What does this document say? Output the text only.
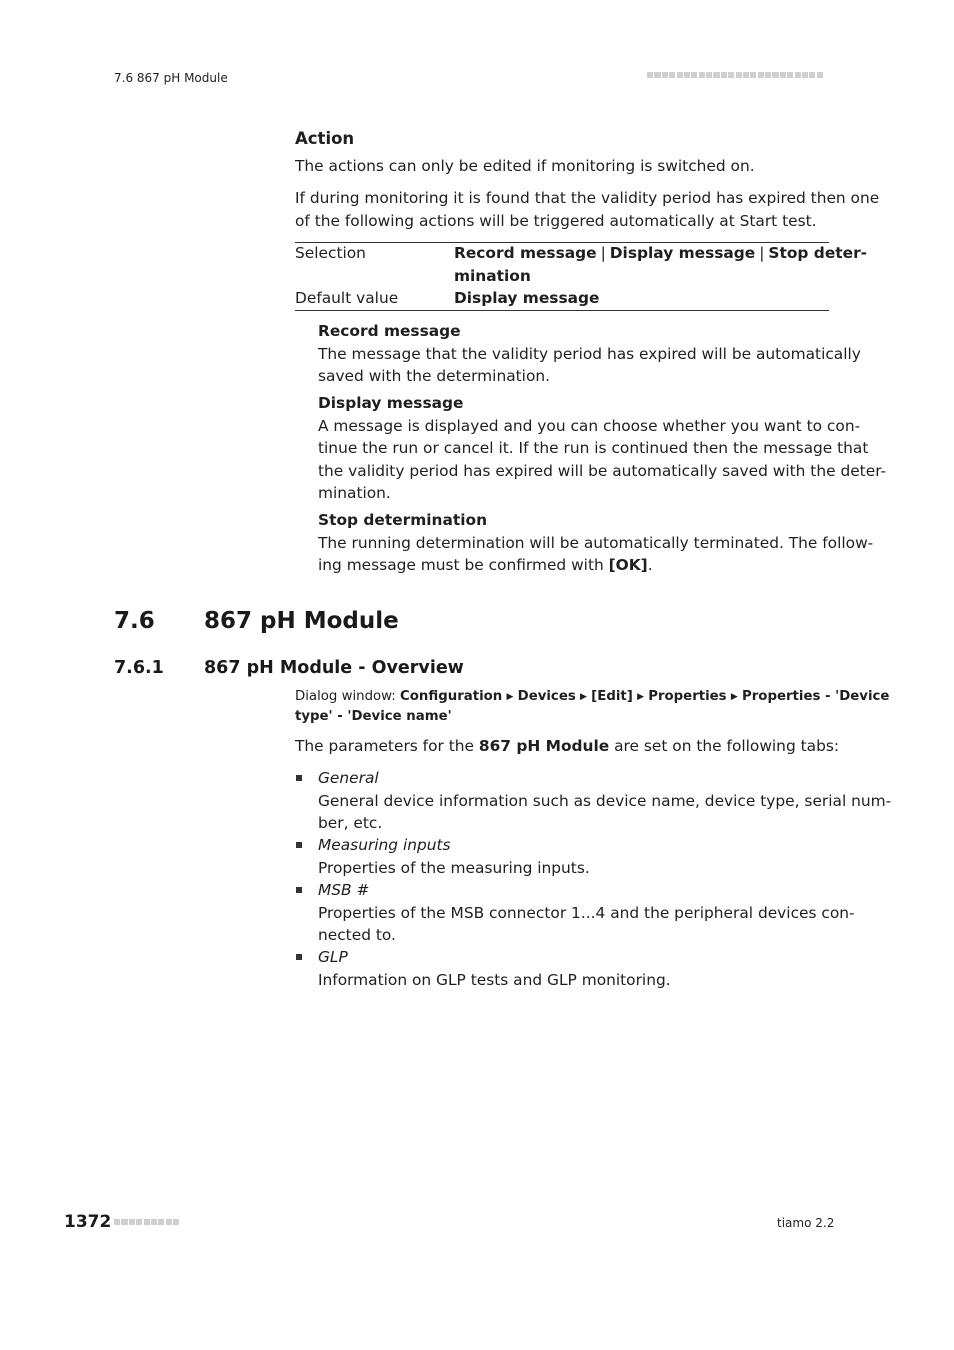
7.6 867 pH Module
Action
The actions can only be edited if monitoring is switched on.
If during monitoring it is found that the validity period has expired then one
of the following actions will be triggered automatically at Start test.
Selection	Record message | Display message | Stop deter-
mination
Default value	Display message
Record message
The message that the validity period has expired will be automatically
saved with the determination.
Display message
A message is displayed and you can choose whether you want to con-
tinue the run or cancel it. If the run is continued then the message that
the validity period has expired will be automatically saved with the deter-
mination.
Stop determination
The running determination will be automatically terminated. The follow-
ing message must be confirmed with [OK].
7.6 867 pH Module
7.6.1 867 pH Module - Overview
Dialog window: Configuration ▶ Devices ▶ [Edit] ▶ Properties ▶ Properties - 'Device
type' - 'Device name'
The parameters for the 867 pH Module are set on the following tabs:
General
General device information such as device name, device type, serial num-
ber, etc.
Measuring inputs
Properties of the measuring inputs.
MSB #
Properties of the MSB connector 1...4 and the peripheral devices con-
nected to.
GLP
Information on GLP tests and GLP monitoring.
1372	tiamo 2.2
